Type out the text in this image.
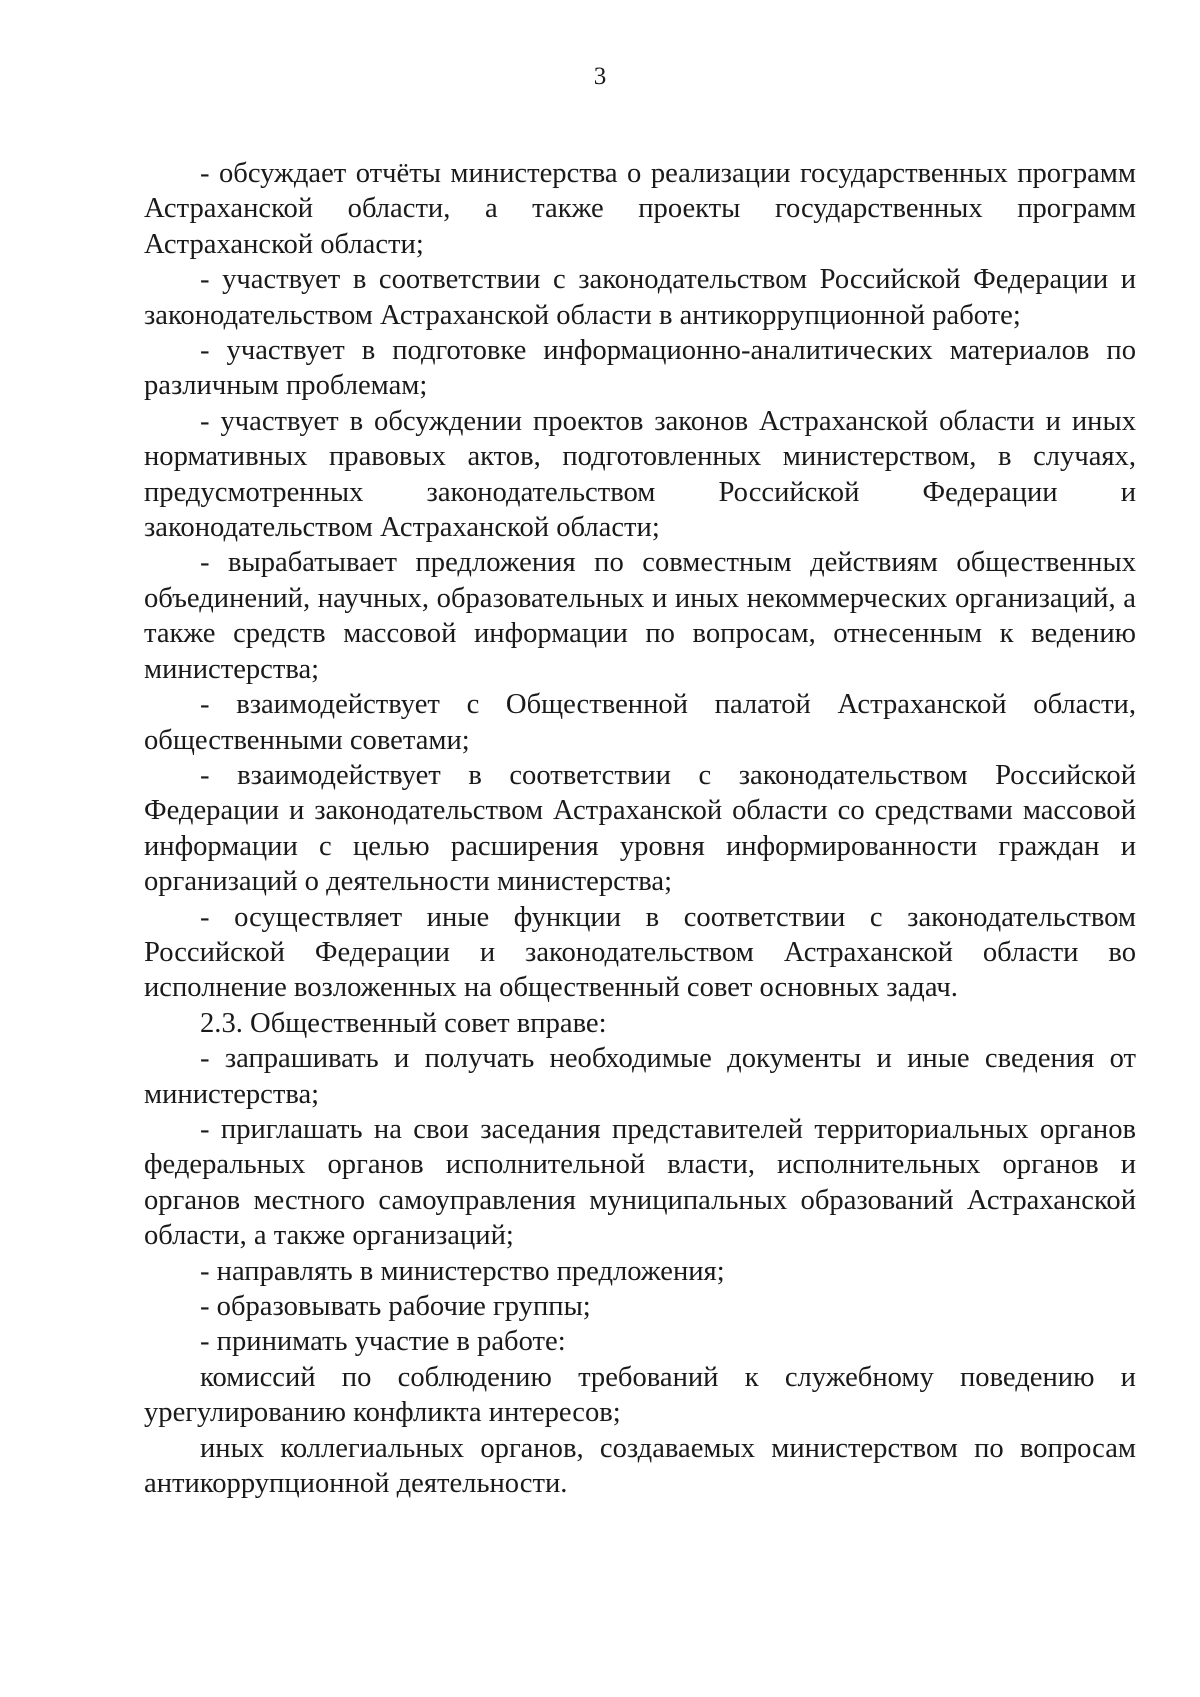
3

- обсуждает отчёты министерства о реализации государственных программ Астраханской области, а также проекты государственных программ Астраханской области;

- участвует в соответствии с законодательством Российской Федерации и законодательством Астраханской области в антикоррупционной работе;

- участвует в подготовке информационно-аналитических материалов по различным проблемам;

- участвует в обсуждении проектов законов Астраханской области и иных нормативных правовых актов, подготовленных министерством, в случаях, предусмотренных законодательством Российской Федерации и законодательством Астраханской области;

- вырабатывает предложения по совместным действиям общественных объединений, научных, образовательных и иных некоммерческих организаций, а также средств массовой информации по вопросам, отнесенным к ведению министерства;

- взаимодействует с Общественной палатой Астраханской области, общественными советами;

- взаимодействует в соответствии с законодательством Российской Федерации и законодательством Астраханской области со средствами массовой информации с целью расширения уровня информированности граждан и организаций о деятельности министерства;

- осуществляет иные функции в соответствии с законодательством Российской Федерации и законодательством Астраханской области во исполнение возложенных на общественный совет основных задач.

2.3. Общественный совет вправе:

- запрашивать и получать необходимые документы и иные сведения от министерства;

- приглашать на свои заседания представителей территориальных органов федеральных органов исполнительной власти, исполнительных органов и органов местного самоуправления муниципальных образований Астраханской области, а также организаций;

- направлять в министерство предложения;

- образовывать рабочие группы;

- принимать участие в работе:

комиссий по соблюдению требований к служебному поведению и урегулированию конфликта интересов;

иных коллегиальных органов, создаваемых министерством по вопросам антикоррупционной деятельности.
